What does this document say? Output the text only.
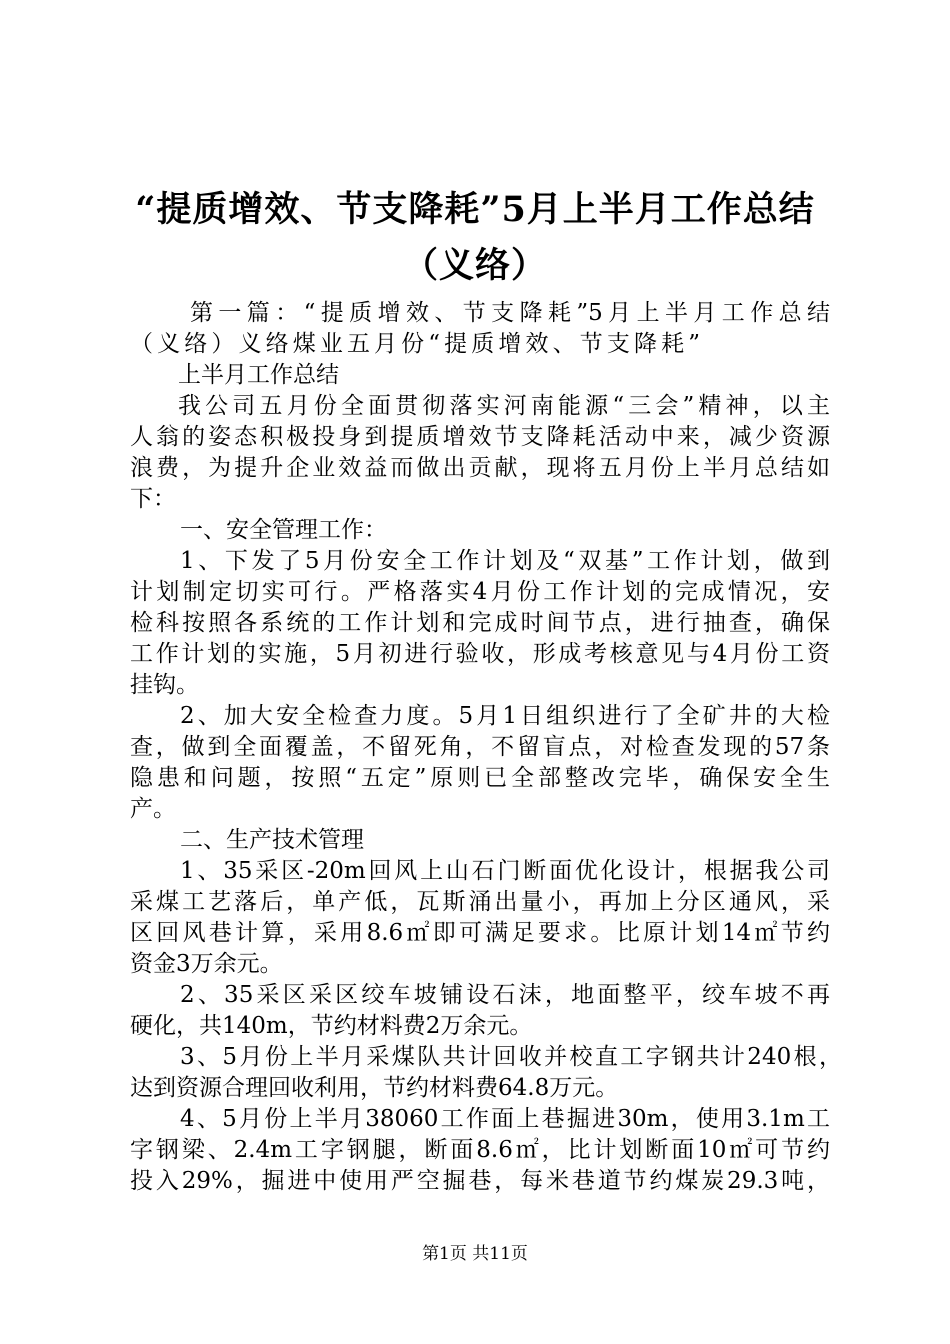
“提质增效、节支降耗”5月上半月工作总结
（义络）
第一篇：“提质增效、节支降耗”5月上半月工作总结
（义络）义络煤业五月份“提质增效、节支降耗”
上半月工作总结
我公司五月份全面贯彻落实河南能源“三会”精神，以主
人翁的姿态积极投身到提质增效节支降耗活动中来，减少资源
浪费，为提升企业效益而做出贡献，现将五月份上半月总结如
下：
一、安全管理工作：
1、下发了5月份安全工作计划及“双基”工作计划，做到
计划制定切实可行。严格落实4月份工作计划的完成情况，安
检科按照各系统的工作计划和完成时间节点，进行抽查，确保
工作计划的实施，5月初进行验收，形成考核意见与4月份工资
挂钩。
2、加大安全检查力度。5月1日组织进行了全矿井的大检
查，做到全面覆盖，不留死角，不留盲点，对检查发现的57条
隐患和问题，按照“五定”原则已全部整改完毕，确保安全生
产。
二、生产技术管理
1、35采区-20m回风上山石门断面优化设计，根据我公司
采煤工艺落后，单产低，瓦斯涌出量小，再加上分区通风，采
区回风巷计算，采用8.6㎡即可满足要求。比原计划14㎡节约
资金3万余元。
2、35采区采区绞车坡铺设石沫，地面整平，绞车坡不再
硬化，共140m，节约材料费2万余元。
3、5月份上半月采煤队共计回收并校直工字钢共计240根，
达到资源合理回收利用，节约材料费64.8万元。
4、5月份上半月38060工作面上巷掘进30m，使用3.1m工
字钢梁、2.4m工字钢腿，断面8.6㎡，比计划断面10㎡可节约
投入29%，掘进中使用严空掘巷，每米巷道节约煤炭29.3吨，
第1页 共11页
